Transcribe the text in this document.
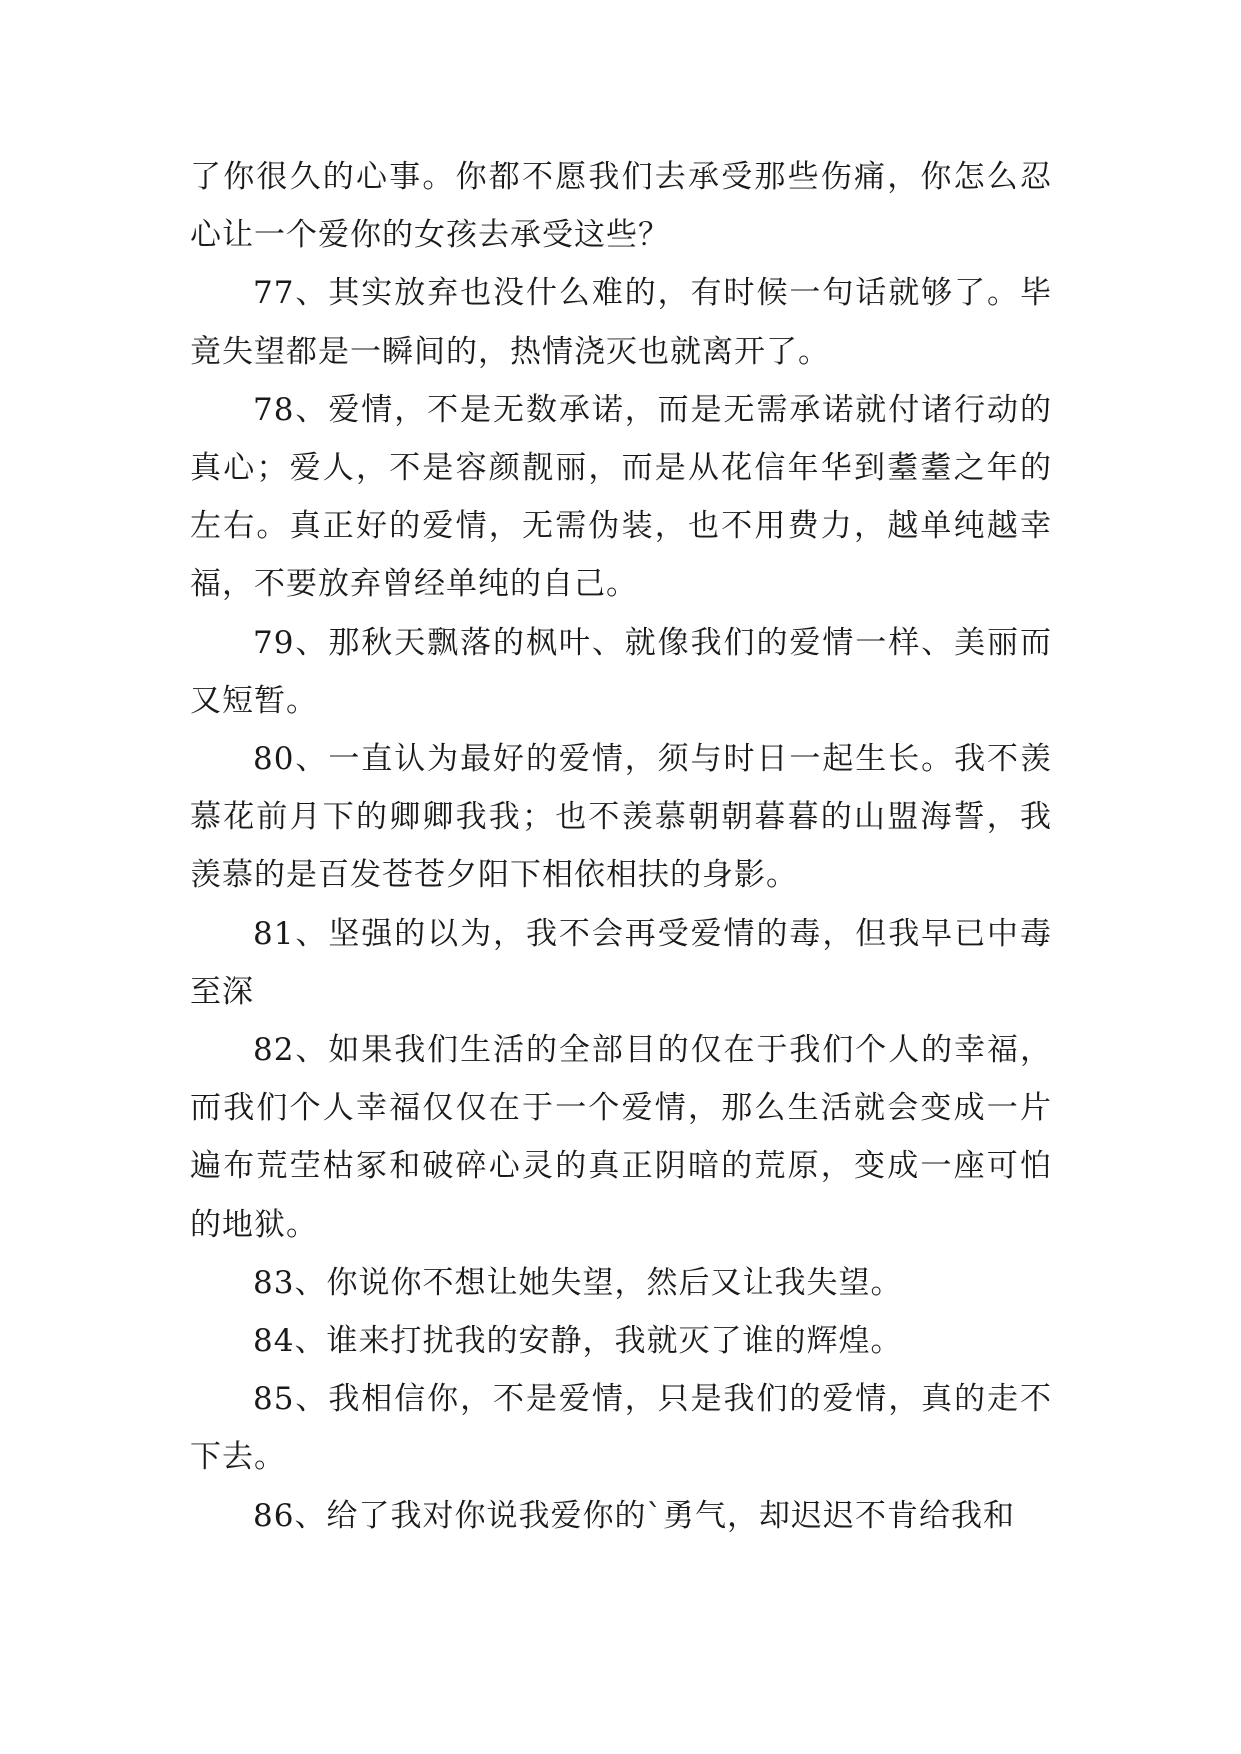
了你很久的心事。你都不愿我们去承受那些伤痛，你怎么忍心让一个爱你的女孩去承受这些？

77、其实放弃也没什么难的，有时候一句话就够了。毕竟失望都是一瞬间的，热情浇灭也就离开了。

78、爱情，不是无数承诺，而是无需承诺就付诸行动的真心；爱人，不是容颜靓丽，而是从花信年华到耋耋之年的左右。真正好的爱情，无需伪装，也不用费力，越单纯越幸福，不要放弃曾经单纯的自己。

79、那秋天飘落的枫叶、就像我们的爱情一样、美丽而又短暂。

80、一直认为最好的爱情，须与时日一起生长。我不羡慕花前月下的卿卿我我；也不羡慕朝朝暮暮的山盟海誓，我羡慕的是百发苍苍夕阳下相依相扶的身影。

81、坚强的以为，我不会再受爱情的毒，但我早已中毒至深

82、如果我们生活的全部目的仅在于我们个人的幸福，而我们个人幸福仅仅在于一个爱情，那么生活就会变成一片遍布荒茔枯冢和破碎心灵的真正阴暗的荒原，变成一座可怕的地狱。

83、你说你不想让她失望，然后又让我失望。

84、谁来打扰我的安静，我就灭了谁的辉煌。

85、我相信你，不是爱情，只是我们的爱情，真的走不下去。

86、给了我对你说我爱你的`勇气，却迟迟不肯给我和
